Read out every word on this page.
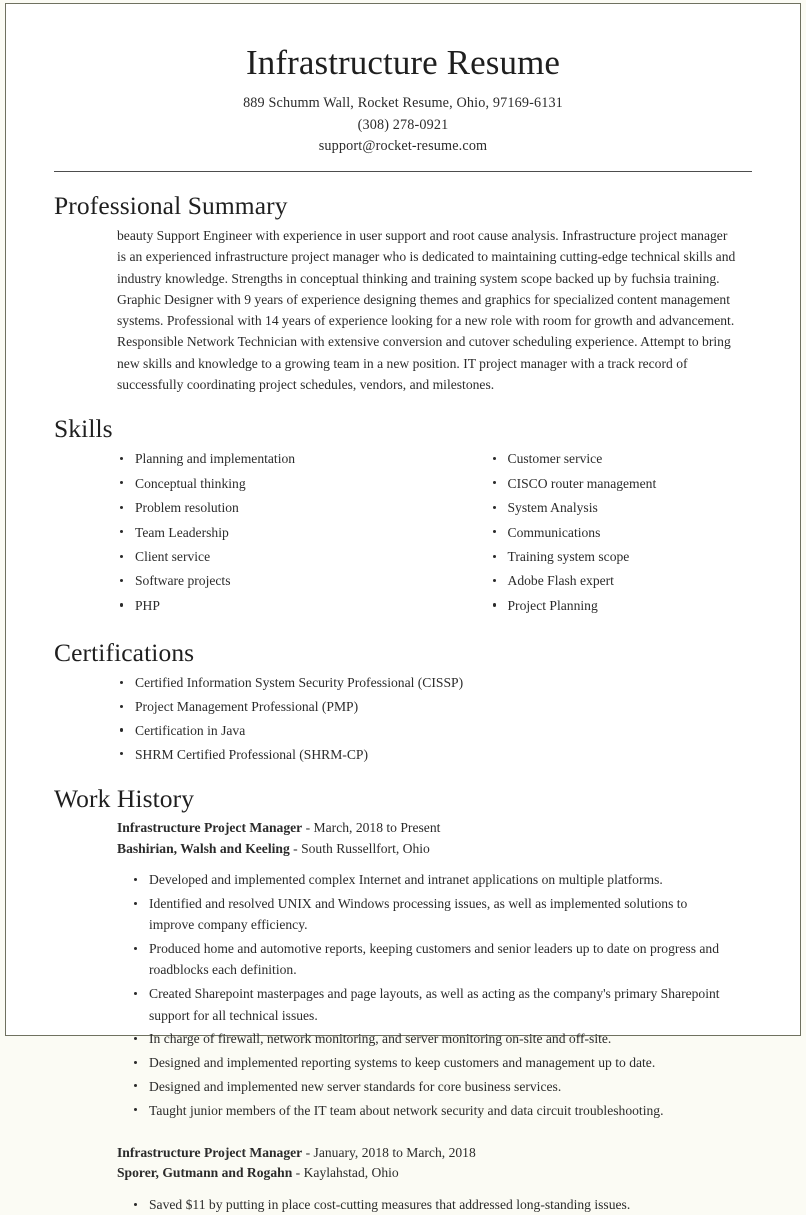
Infrastructure Resume
889 Schumm Wall, Rocket Resume, Ohio, 97169-6131
(308) 278-0921
support@rocket-resume.com
Professional Summary

beauty Support Engineer with experience in user support and root cause analysis. Infrastructure project manager is an experienced infrastructure project manager who is dedicated to maintaining cutting-edge technical skills and industry knowledge. Strengths in conceptual thinking and training system scope backed up by fuchsia training. Graphic Designer with 9 years of experience designing themes and graphics for specialized content management systems. Professional with 14 years of experience looking for a new role with room for growth and advancement. Responsible Network Technician with extensive conversion and cutover scheduling experience. Attempt to bring new skills and knowledge to a growing team in a new position. IT project manager with a track record of successfully coordinating project schedules, vendors, and milestones.

Skills
Planning and implementation
Conceptual thinking
Problem resolution
Team Leadership
Client service
Software projects
PHP
Customer service
CISCO router management
System Analysis
Communications
Training system scope
Adobe Flash expert
Project Planning
Certifications
Certified Information System Security Professional (CISSP)
Project Management Professional (PMP)
Certification in Java
SHRM Certified Professional (SHRM-CP)
Work History
Infrastructure Project Manager - March, 2018 to Present
Bashirian, Walsh and Keeling - South Russellfort, Ohio
Developed and implemented complex Internet and intranet applications on multiple platforms.
Identified and resolved UNIX and Windows processing issues, as well as implemented solutions to improve company efficiency.
Produced home and automotive reports, keeping customers and senior leaders up to date on progress and roadblocks each definition.
Created Sharepoint masterpages and page layouts, as well as acting as the company's primary Sharepoint support for all technical issues.
In charge of firewall, network monitoring, and server monitoring on-site and off-site.
Designed and implemented reporting systems to keep customers and management up to date.
Designed and implemented new server standards for core business services.
Taught junior members of the IT team about network security and data circuit troubleshooting.
Infrastructure Project Manager - January, 2018 to March, 2018
Sporer, Gutmann and Rogahn - Kaylahstad, Ohio
Saved $11 by putting in place cost-cutting measures that addressed long-standing issues.
